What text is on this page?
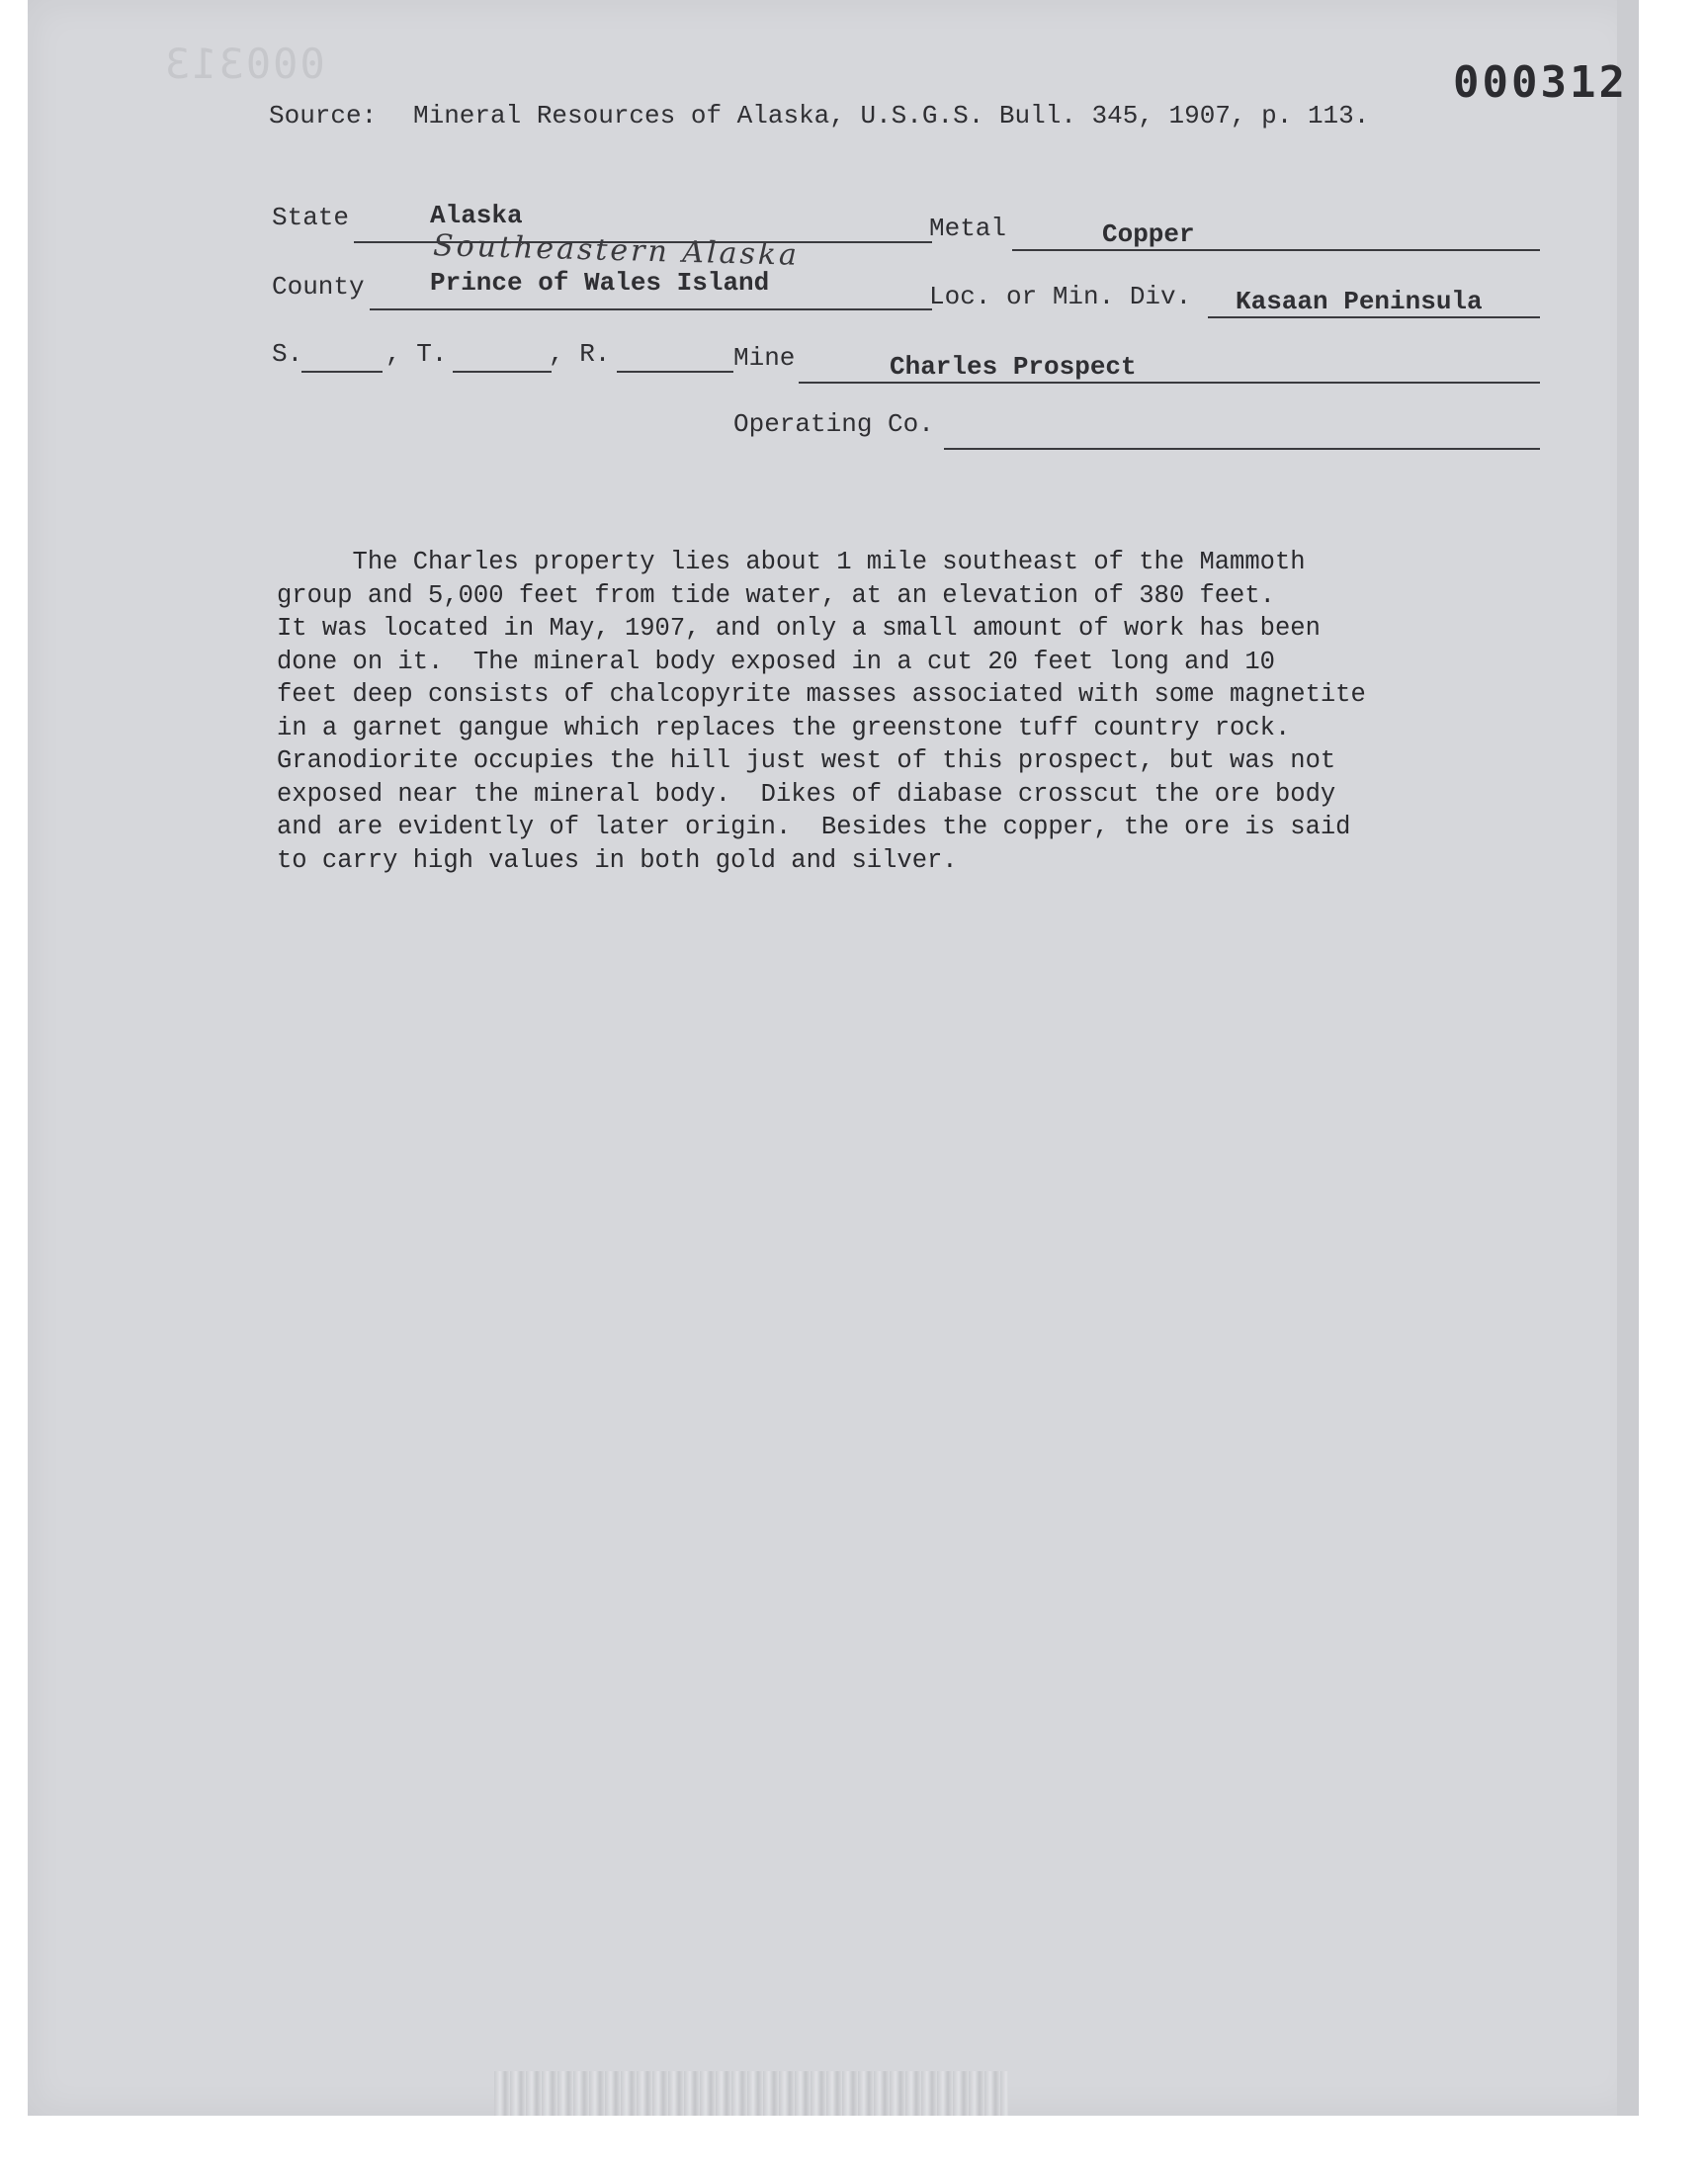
000313	000312
Source: Mineral Resources of Alaska, U.S.G.S. Bull. 345, 1907, p. 113.
State	Alaska	Metal	Copper
Southeastern Alaska
County	Prince of Wales Island	Loc. or Min. Div. Kasaan Peninsula
S.	, T.	, R.	Mine	Charles Prospect
Operating Co.
The Charles property lies about 1 mile southeast of the Mammoth
group and 5,000 feet from tide water, at an elevation of 380 feet.
It was located in May, 1907, and only a small amount of work has been
done on it.  The mineral body exposed in a cut 20 feet long and 10
feet deep consists of chalcopyrite masses associated with some magnetite
in a garnet gangue which replaces the greenstone tuff country rock.
Granodiorite occupies the hill just west of this prospect, but was not
exposed near the mineral body.  Dikes of diabase crosscut the ore body
and are evidently of later origin.  Besides the copper, the ore is said
to carry high values in both gold and silver.
